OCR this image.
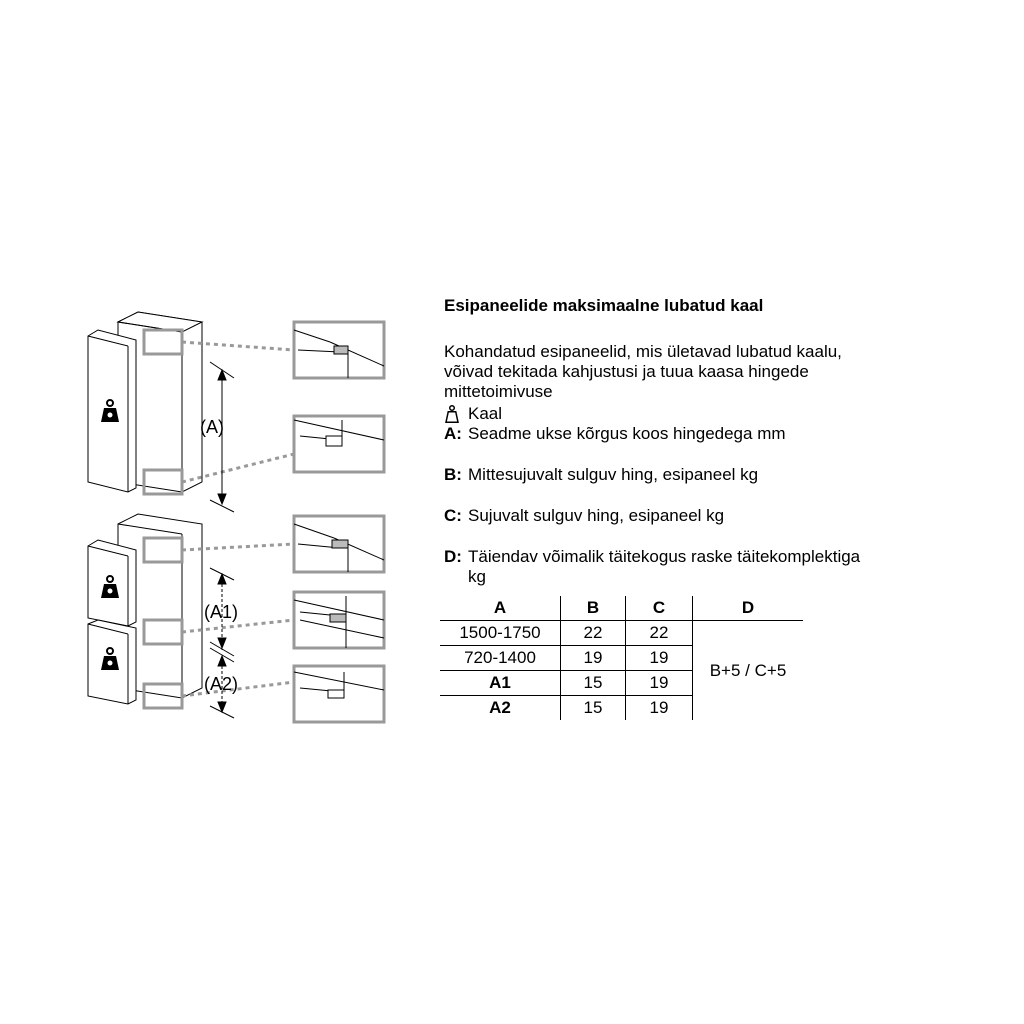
(A)
(A1)
(A2)
Esipaneelide maksimaalne lubatud kaal
Kohandatud esipaneelid, mis ületavad lubatud kaalu,
võivad tekitada kahjustusi ja tuua kaasa hingede
mittetoimivuse
Kaal
A: Seadme ukse kõrgus koos hingedega mm
B: Mittesujuvalt sulguv hing, esipaneel kg
C: Sujuvalt sulguv hing, esipaneel kg
D: Täiendav võimalik täitekogus raske täitekomplektiga
kg
A	B	C	D
1500-1750	22	22	B+5 / C+5
720-1400	19	19	
A1	15	19	
A2	15	19	
